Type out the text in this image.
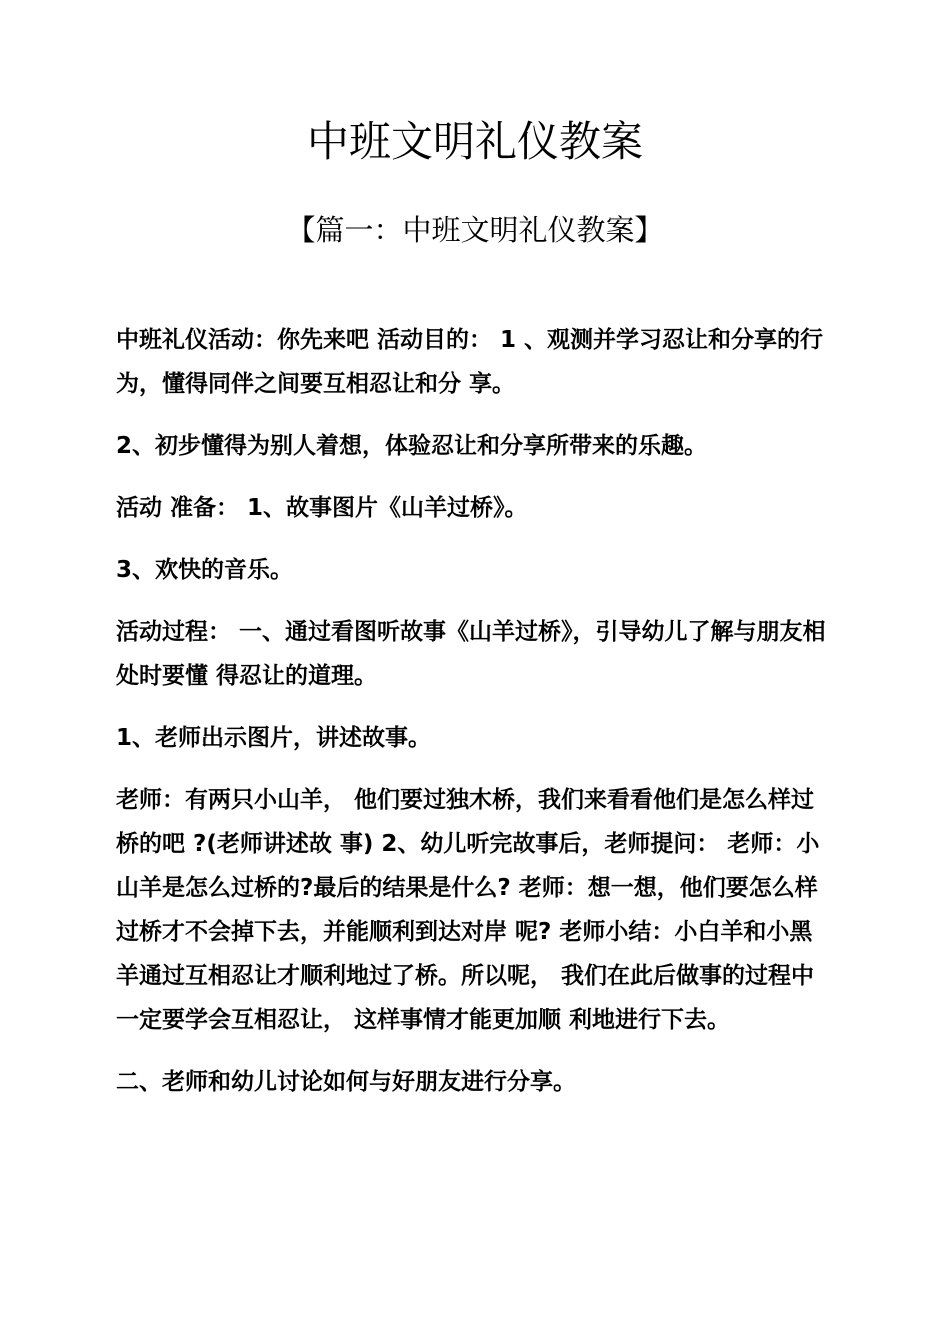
中班文明礼仪教案
【篇一：中班文明礼仪教案】

中班礼仪活动：你先来吧 活动目的： 1 、观测并学习忍让和分享的行为，懂得同伴之间要互相忍让和分 享。

2、初步懂得为别人着想，体验忍让和分享所带来的乐趣。

活动 准备： 1、故事图片《山羊过桥》。

3、欢快的音乐。

活动过程： 一、通过看图听故事《山羊过桥》，引导幼儿了解与朋友相处时要懂 得忍让的道理。

1、老师出示图片，讲述故事。

老师：有两只小山羊， 他们要过独木桥，我们来看看他们是怎么样过桥的吧 ?(老师讲述故 事) 2、幼儿听完故事后，老师提问： 老师：小山羊是怎么过桥的?最后的结果是什么? 老师：想一想，他们要怎么样过桥才不会掉下去，并能顺利到达对岸 呢? 老师小结：小白羊和小黑羊通过互相忍让才顺利地过了桥。所以呢， 我们在此后做事的过程中一定要学会互相忍让， 这样事情才能更加顺 利地进行下去。

二、老师和幼儿讨论如何与好朋友进行分享。
